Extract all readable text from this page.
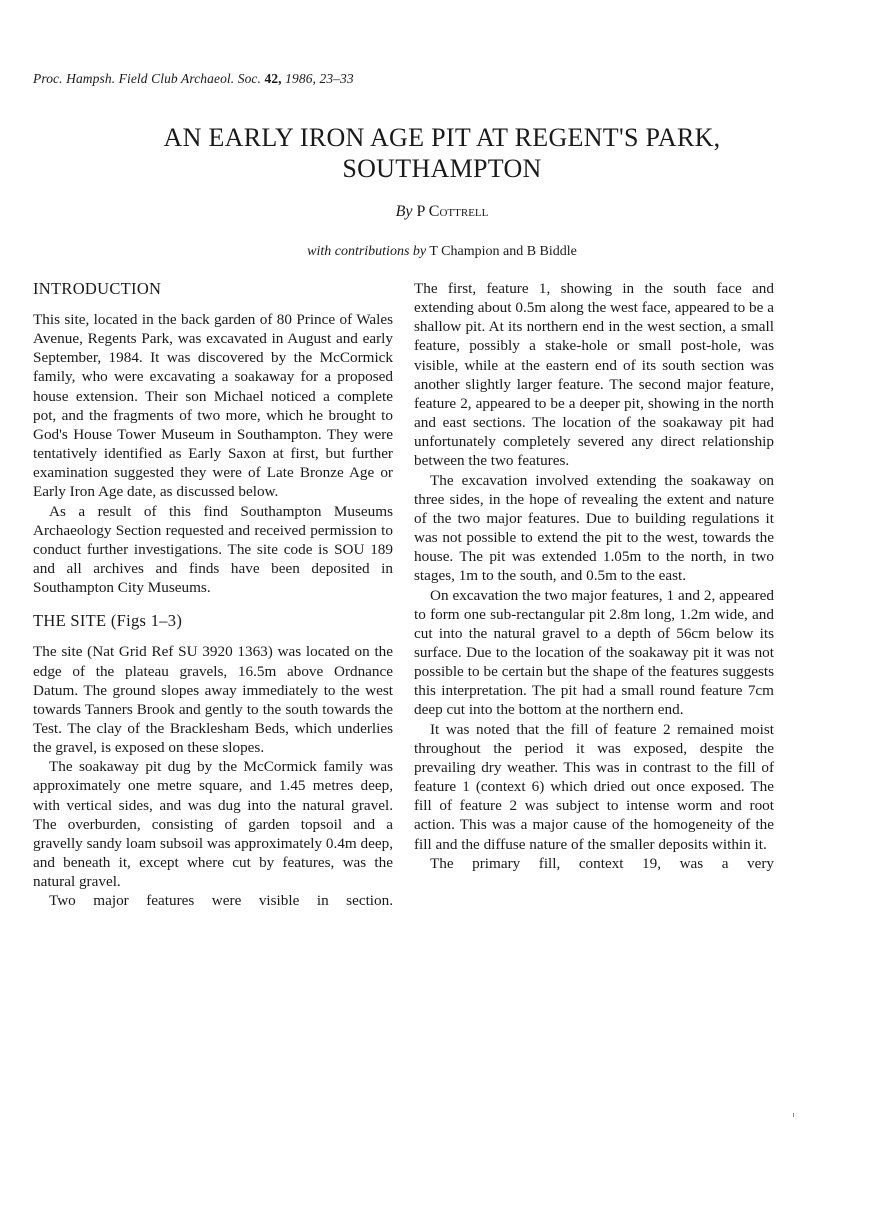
Proc. Hampsh. Field Club Archaeol. Soc. 42, 1986, 23–33
AN EARLY IRON AGE PIT AT REGENT'S PARK,
SOUTHAMPTON
By P Cottrell
with contributions by T Champion and B Biddle
INTRODUCTION

This site, located in the back garden of 80 Prince of Wales Avenue, Regents Park, was excavated in August and early September, 1984. It was discovered by the McCormick family, who were excavating a soakaway for a proposed house extension. Their son Michael noticed a complete pot, and the fragments of two more, which he brought to God's House Tower Museum in Southampton. They were tentatively identified as Early Saxon at first, but further examination suggested they were of Late Bronze Age or Early Iron Age date, as discussed below.

As a result of this find Southampton Museums Archaeology Section requested and received permission to conduct further investigations. The site code is SOU 189 and all archives and finds have been deposited in Southampton City Museums.

THE SITE (Figs 1–3)

The site (Nat Grid Ref SU 3920 1363) was located on the edge of the plateau gravels, 16.5m above Ordnance Datum. The ground slopes away immediately to the west towards Tanners Brook and gently to the south towards the Test. The clay of the Bracklesham Beds, which underlies the gravel, is exposed on these slopes.

The soakaway pit dug by the McCormick family was approximately one metre square, and 1.45 metres deep, with vertical sides, and was dug into the natural gravel. The overburden, consisting of garden topsoil and a gravelly sandy loam subsoil was approximately 0.4m deep, and beneath it, except where cut by features, was the natural gravel.

Two major features were visible in section.

The first, feature 1, showing in the south face and extending about 0.5m along the west face, appeared to be a shallow pit. At its northern end in the west section, a small feature, possibly a stake-hole or small post-hole, was visible, while at the eastern end of its south section was another slightly larger feature. The second major feature, feature 2, appeared to be a deeper pit, showing in the north and east sections. The location of the soakaway pit had unfortunately completely severed any direct relationship between the two features.

The excavation involved extending the soakaway on three sides, in the hope of revealing the extent and nature of the two major features. Due to building regulations it was not possible to extend the pit to the west, towards the house. The pit was extended 1.05m to the north, in two stages, 1m to the south, and 0.5m to the east.

On excavation the two major features, 1 and 2, appeared to form one sub-rectangular pit 2.8m long, 1.2m wide, and cut into the natural gravel to a depth of 56cm below its surface. Due to the location of the soakaway pit it was not possible to be certain but the shape of the features suggests this interpretation. The pit had a small round feature 7cm deep cut into the bottom at the northern end.

It was noted that the fill of feature 2 remained moist throughout the period it was exposed, despite the prevailing dry weather. This was in contrast to the fill of feature 1 (context 6) which dried out once exposed. The fill of feature 2 was subject to intense worm and root action. This was a major cause of the homogeneity of the fill and the diffuse nature of the smaller deposits within it.

The primary fill, context 19, was a very
